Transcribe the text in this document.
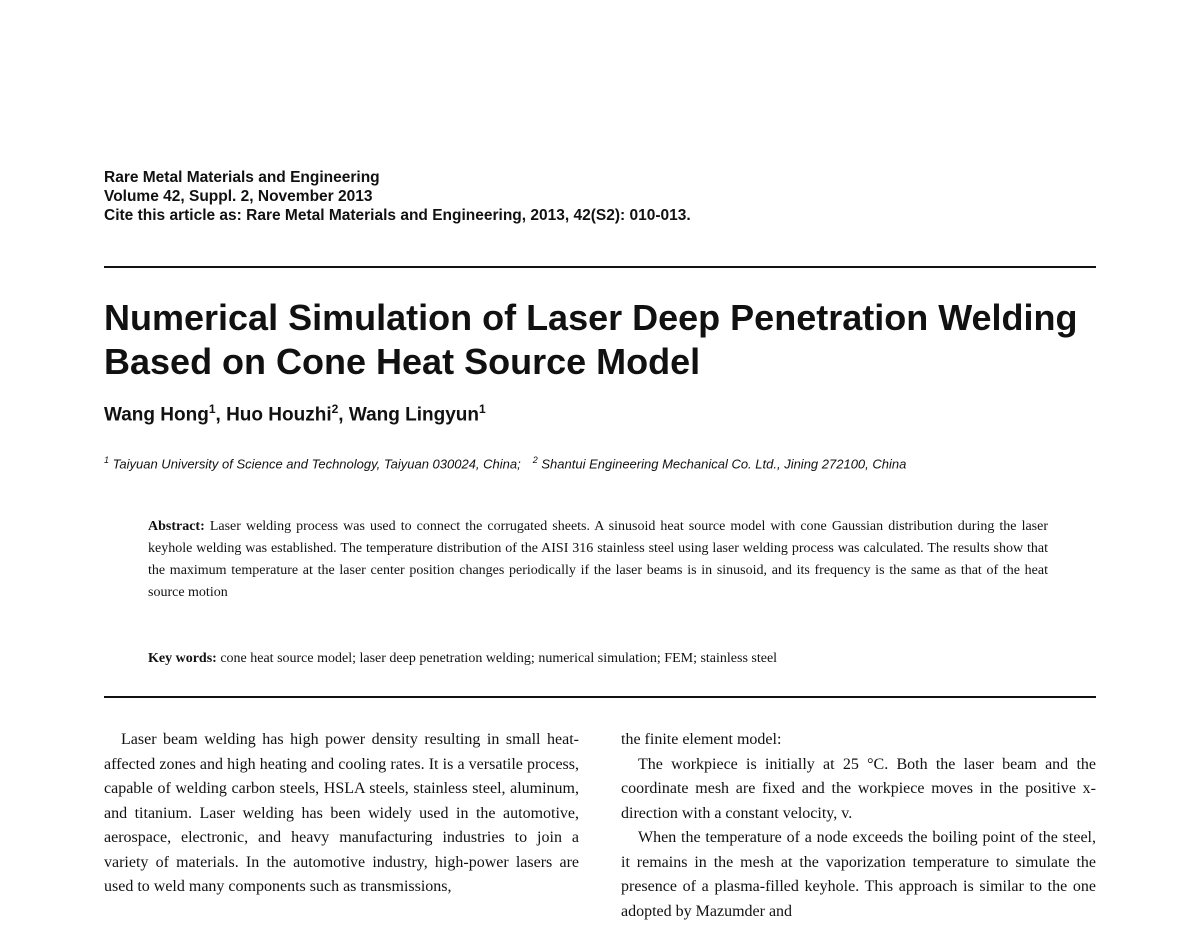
Rare Metal Materials and Engineering
Volume 42, Suppl. 2, November 2013
Cite this article as: Rare Metal Materials and Engineering, 2013, 42(S2): 010-013.
Numerical Simulation of Laser Deep Penetration Welding
Based on Cone Heat Source Model
Wang Hong$^1$, Huo Houzhi$^2$, Wang Lingyun$^1$
$^1$ Taiyuan University of Science and Technology, Taiyuan 030024, China; $^2$ Shantui Engineering Mechanical Co. Ltd., Jining 272100, China
Abstract: Laser welding process was used to connect the corrugated sheets. A sinusoid heat source model with cone Gaussian distribution during the laser keyhole welding was established. The temperature distribution of the AISI 316 stainless steel using laser welding process was calculated. The results show that the maximum temperature at the laser center position changes periodically if the laser beams is in sinusoid, and its frequency is the same as that of the heat source motion
Key words: cone heat source model; laser deep penetration welding; numerical simulation; FEM; stainless steel

Laser beam welding has high power density resulting in small heat-affected zones and high heating and cooling rates. It is a versatile process, capable of welding carbon steels, HSLA steels, stainless steel, aluminum, and titanium. Laser welding has been widely used in the automotive, aerospace, electronic, and heavy manufacturing industries to join a variety of materials. In the automotive industry, high-power lasers are used to weld many components such as transmissions,

the finite element model:

The workpiece is initially at 25 °C. Both the laser beam and the coordinate mesh are fixed and the workpiece moves in the positive x-direction with a constant velocity, v.

When the temperature of a node exceeds the boiling point of the steel, it remains in the mesh at the vaporization temperature to simulate the presence of a plasma-filled keyhole. This approach is similar to the one adopted by Mazumder and
